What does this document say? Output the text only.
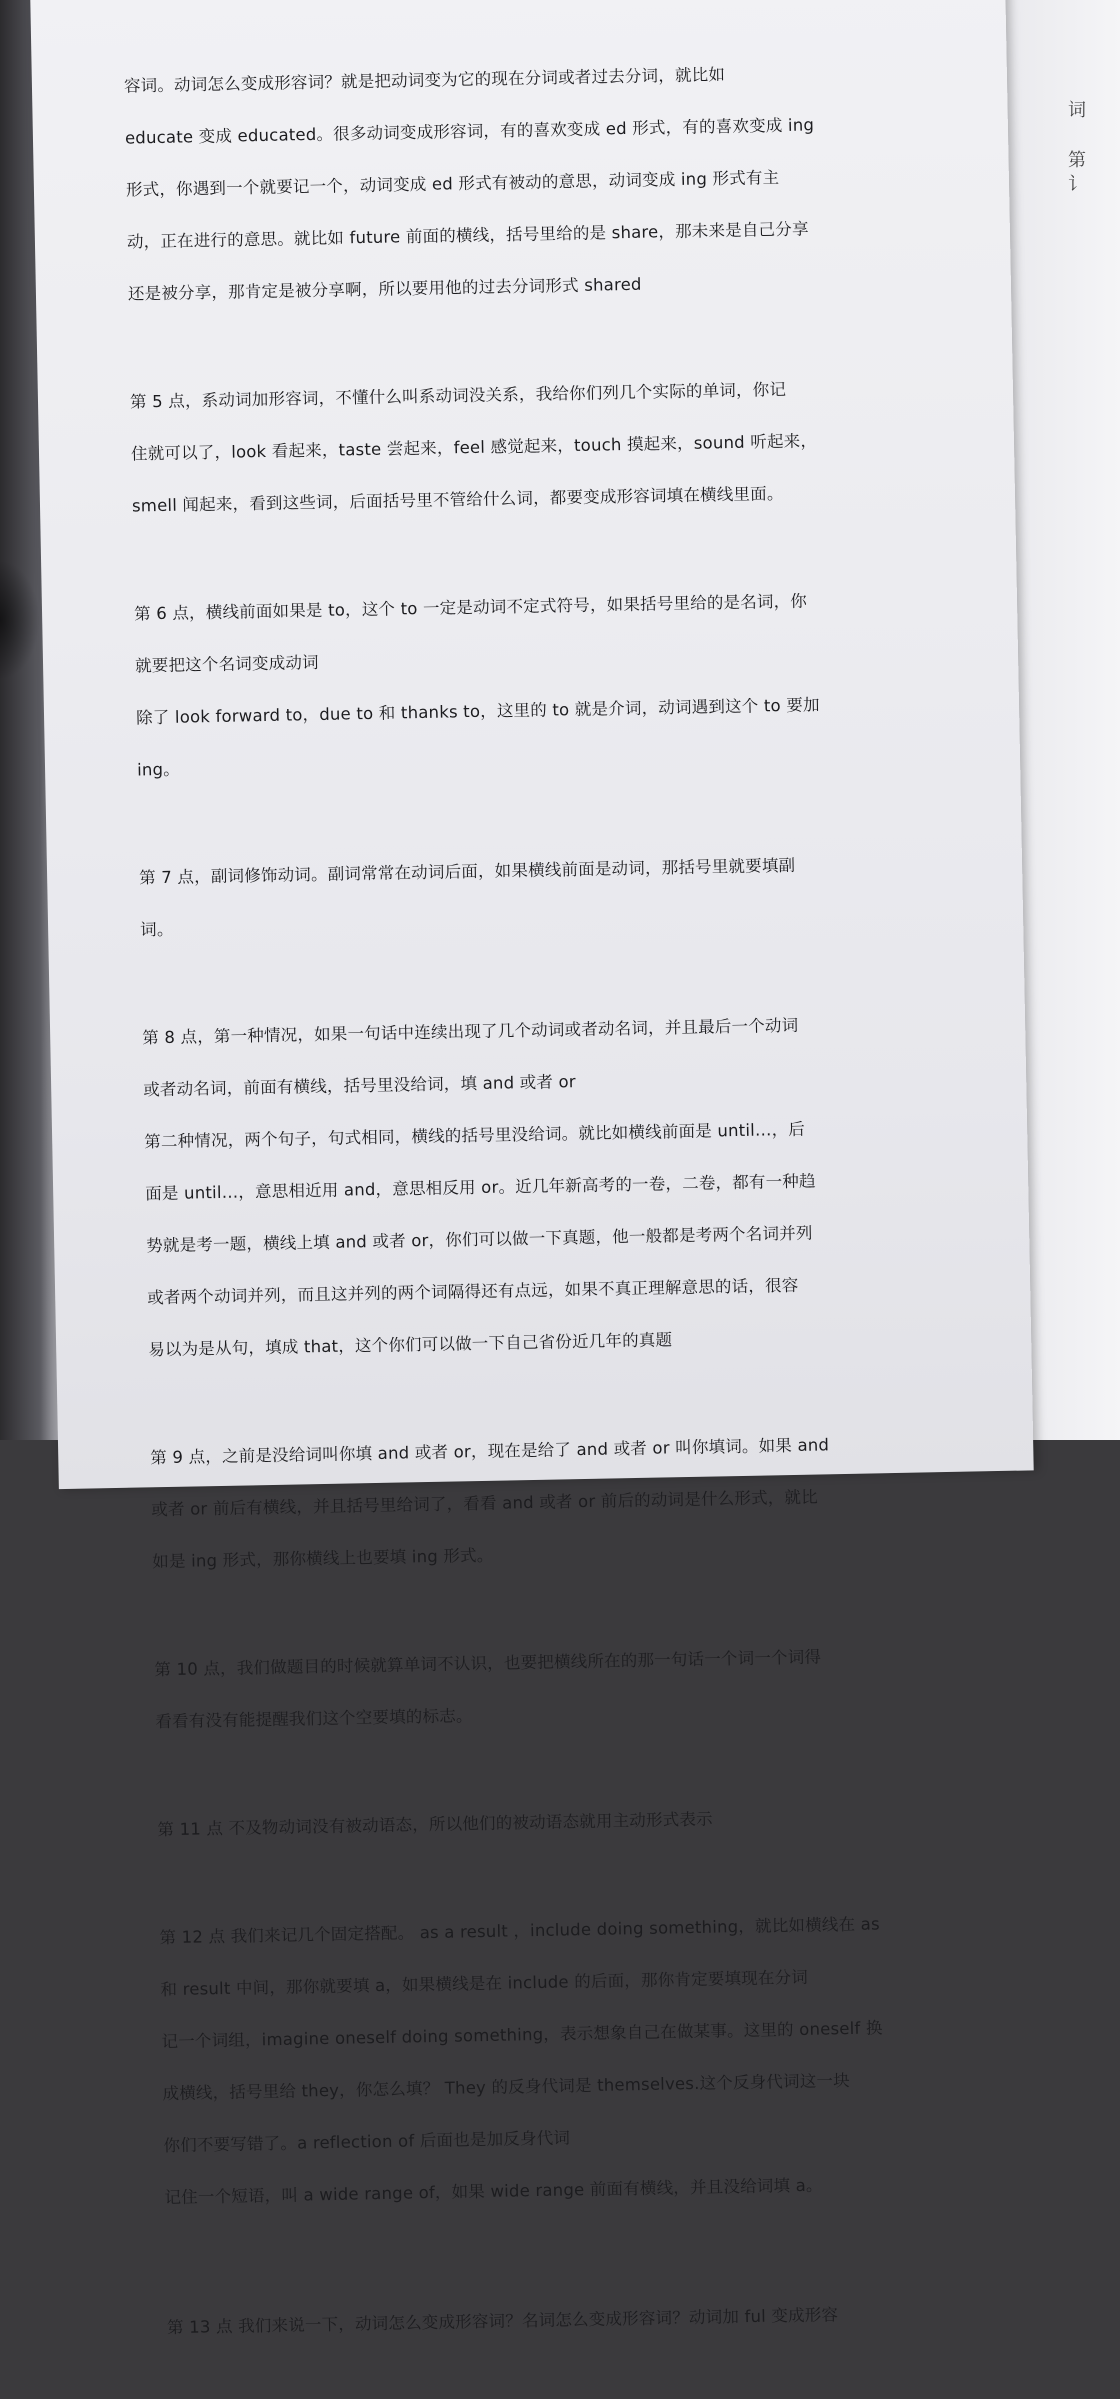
词
第
讠

容词。动词怎么变成形容词？就是把动词变为它的现在分词或者过去分词，就比如

educate 变成 educated。很多动词变成形容词，有的喜欢变成 ed 形式，有的喜欢变成 ing

形式，你遇到一个就要记一个，动词变成 ed 形式有被动的意思，动词变成 ing 形式有主

动，正在进行的意思。就比如 future 前面的横线，括号里给的是 share，那未来是自己分享

还是被分享，那肯定是被分享啊，所以要用他的过去分词形式 shared

第 5 点，系动词加形容词，不懂什么叫系动词没关系，我给你们列几个实际的单词，你记

住就可以了，look 看起来，taste 尝起来，feel 感觉起来，touch 摸起来，sound 听起来，

smell 闻起来，看到这些词，后面括号里不管给什么词，都要变成形容词填在横线里面。

第 6 点，横线前面如果是 to，这个 to 一定是动词不定式符号，如果括号里给的是名词，你

就要把这个名词变成动词

除了 look forward to，due to 和 thanks to，这里的 to 就是介词，动词遇到这个 to 要加

ing。

第 7 点，副词修饰动词。副词常常在动词后面，如果横线前面是动词，那括号里就要填副

词。

第 8 点，第一种情况，如果一句话中连续出现了几个动词或者动名词，并且最后一个动词

或者动名词，前面有横线，括号里没给词，填 and 或者 or

第二种情况，两个句子，句式相同，横线的括号里没给词。就比如横线前面是 until…，后

面是 until…，意思相近用 and，意思相反用 or。近几年新高考的一卷，二卷，都有一种趋

势就是考一题，横线上填 and 或者 or，你们可以做一下真题，他一般都是考两个名词并列

或者两个动词并列，而且这并列的两个词隔得还有点远，如果不真正理解意思的话，很容

易以为是从句，填成 that，这个你们可以做一下自己省份近几年的真题

第 9 点，之前是没给词叫你填 and 或者 or，现在是给了 and 或者 or 叫你填词。如果 and

或者 or 前后有横线，并且括号里给词了，看看 and 或者 or 前后的动词是什么形式，就比

如是 ing 形式，那你横线上也要填 ing 形式。

第 10 点，我们做题目的时候就算单词不认识，也要把横线所在的那一句话一个词一个词得

看看有没有能提醒我们这个空要填的标志。

第 11 点 不及物动词没有被动语态，所以他们的被动语态就用主动形式表示

第 12 点 我们来记几个固定搭配。 as a result ，include doing something，就比如横线在 as

和 result 中间，那你就要填 a，如果横线是在 include 的后面，那你肯定要填现在分词

记一个词组，imagine oneself doing something，表示想象自己在做某事。这里的 oneself 换

成横线，括号里给 they，你怎么填？ They 的反身代词是 themselves.这个反身代词这一块

你们不要写错了。a reflection of 后面也是加反身代词

记住一个短语，叫 a wide range of，如果 wide range 前面有横线，并且没给词填 a。

第 13 点 我们来说一下，动词怎么变成形容词？名词怎么变成形容词？动词加 ful 变成形容
